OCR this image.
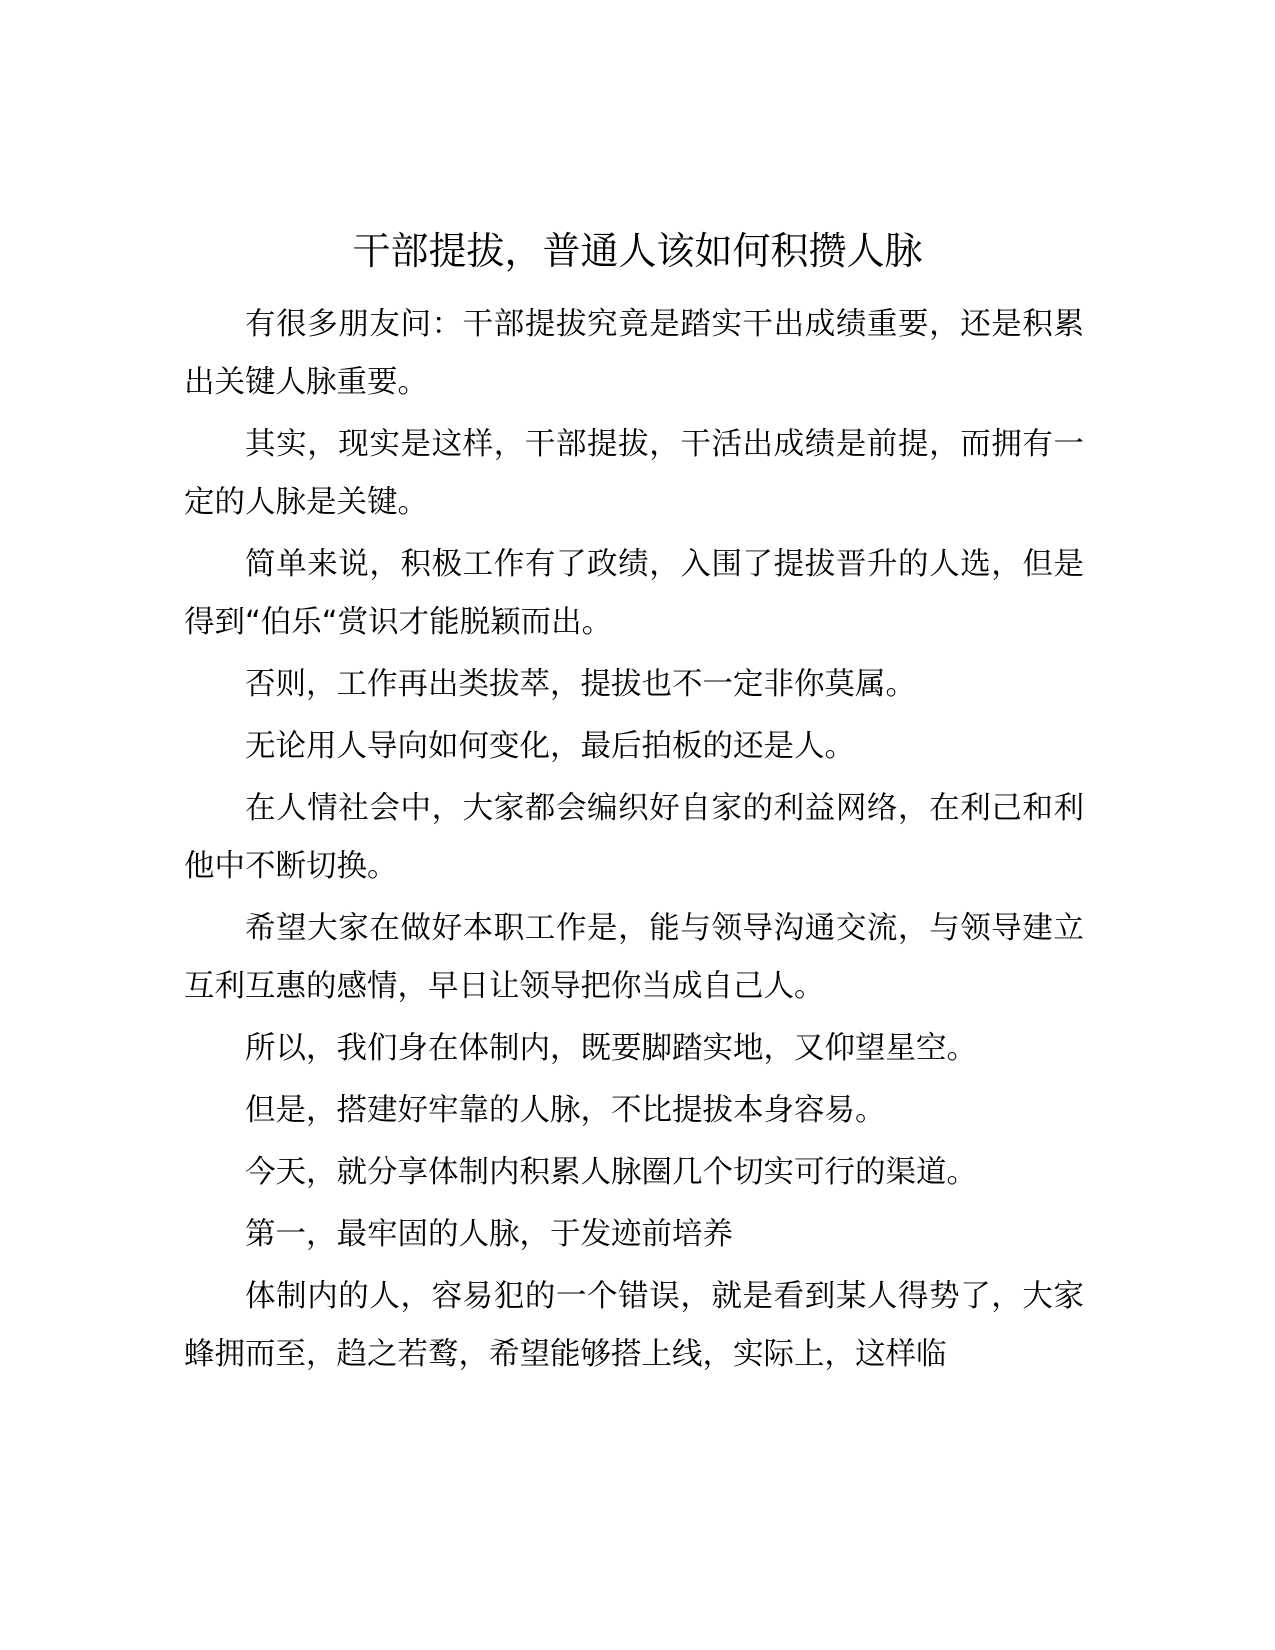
干部提拔，普通人该如何积攒人脉

有很多朋友问：干部提拔究竟是踏实干出成绩重要，还是积累出关键人脉重要。

其实，现实是这样，干部提拔，干活出成绩是前提，而拥有一定的人脉是关键。

简单来说，积极工作有了政绩，入围了提拔晋升的人选，但是得到“伯乐“赏识才能脱颖而出。

否则，工作再出类拔萃，提拔也不一定非你莫属。

无论用人导向如何变化，最后拍板的还是人。

在人情社会中，大家都会编织好自家的利益网络，在利己和利他中不断切换。

希望大家在做好本职工作是，能与领导沟通交流，与领导建立互利互惠的感情，早日让领导把你当成自己人。

所以，我们身在体制内，既要脚踏实地，又仰望星空。

但是，搭建好牢靠的人脉，不比提拔本身容易。

今天，就分享体制内积累人脉圈几个切实可行的渠道。

第一，最牢固的人脉，于发迹前培养

体制内的人，容易犯的一个错误，就是看到某人得势了，大家蜂拥而至，趋之若鹜，希望能够搭上线，实际上，这样临
